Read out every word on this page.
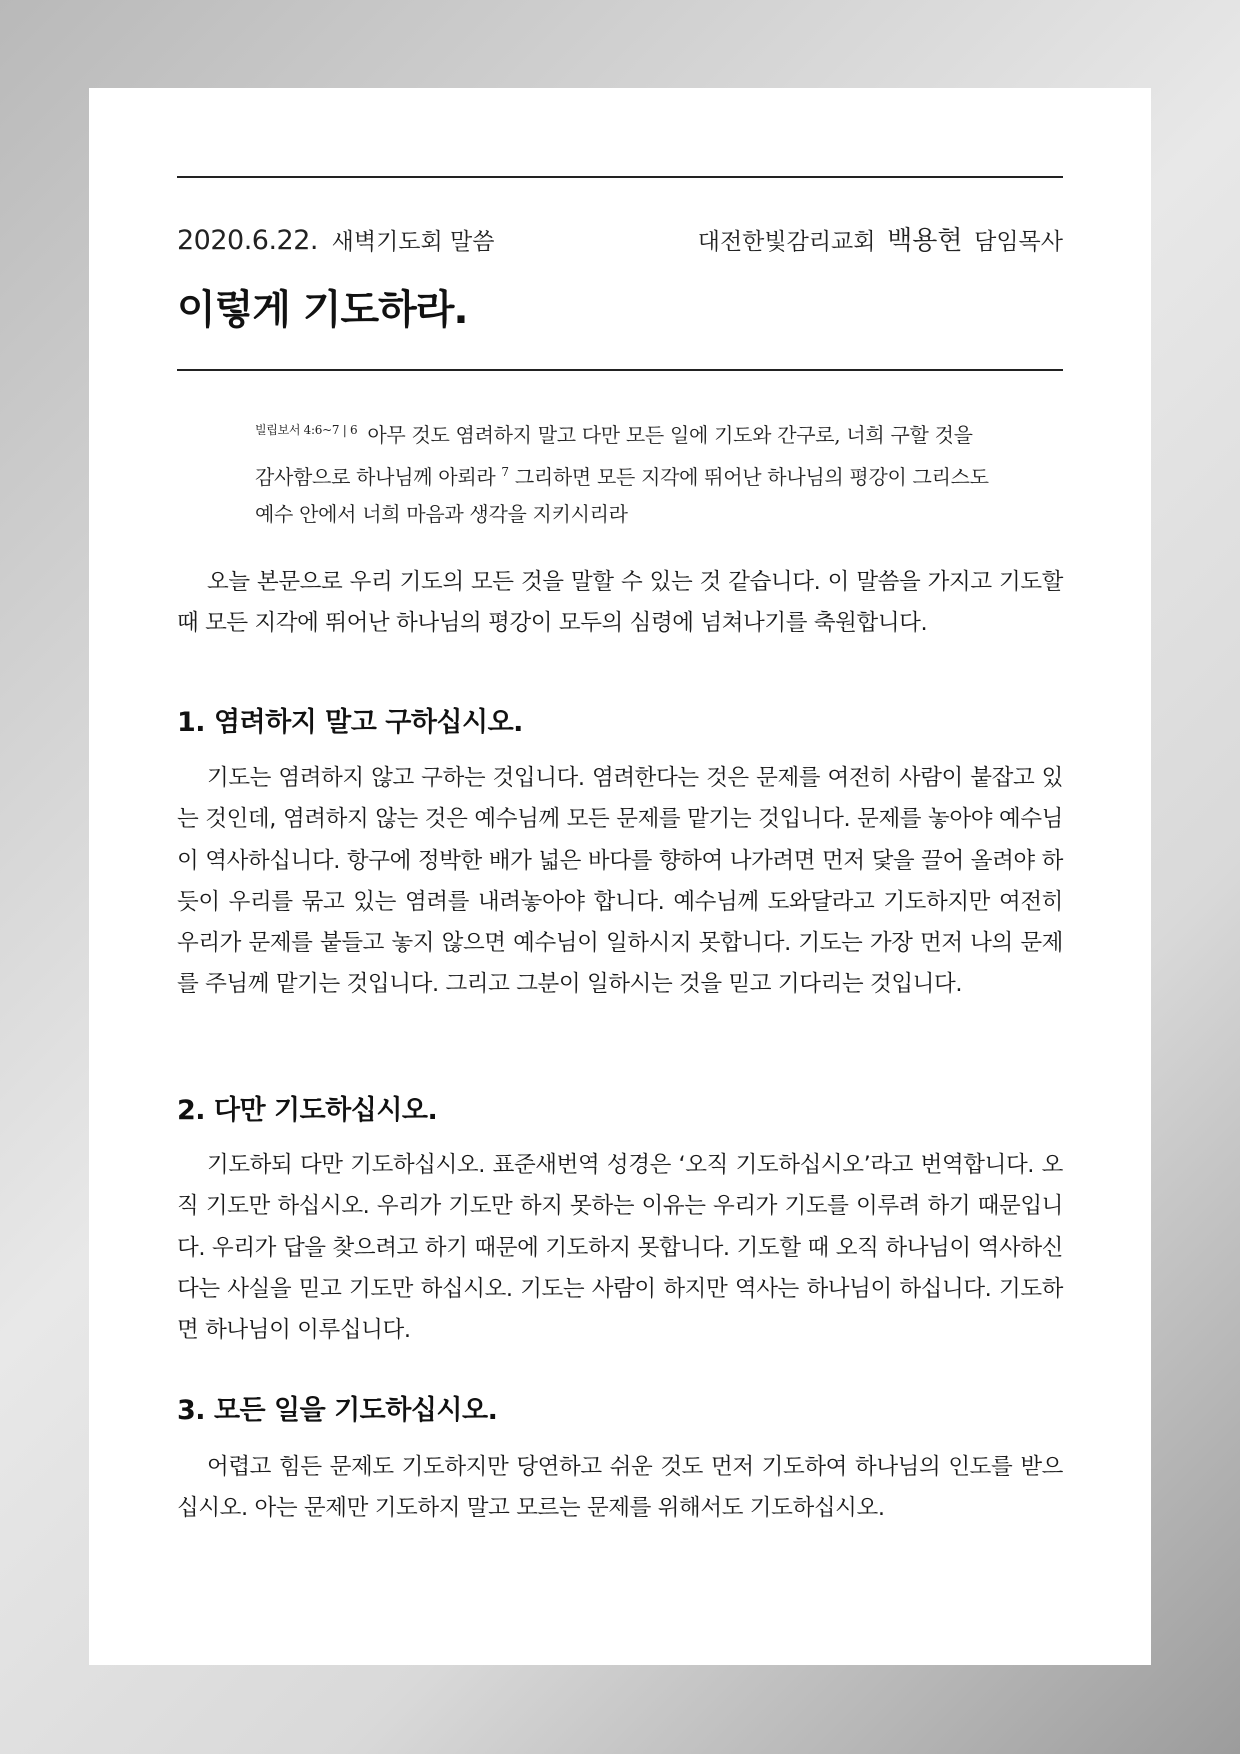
2020.6.22. 새벽기도회 말씀	대전한빛감리교회 백용현 담임목사
이렇게 기도하라.
$^{빌립보서 4:6\sim 7 | 6}$ 아무 것도 염려하지 말고 다만 모든 일에 기도와 간구로, 너희 구할 것을 감사함으로 하나님께 아뢰라 $^7$ 그리하면 모든 지각에 뛰어난 하나님의 평강이 그리스도 예수 안에서 너희 마음과 생각을 지키시리라

오늘 본문으로 우리 기도의 모든 것을 말할 수 있는 것 같습니다. 이 말씀을 가지고 기도할 때 모든 지각에 뛰어난 하나님의 평강이 모두의 심령에 넘쳐나기를 축원합니다.

1. 염려하지 말고 구하십시오.

기도는 염려하지 않고 구하는 것입니다. 염려한다는 것은 문제를 여전히 사람이 붙잡고 있는 것인데, 염려하지 않는 것은 예수님께 모든 문제를 맡기는 것입니다. 문제를 놓아야 예수님이 역사하십니다. 항구에 정박한 배가 넓은 바다를 향하여 나가려면 먼저 닻을 끌어 올려야 하듯이 우리를 묶고 있는 염려를 내려놓아야 합니다. 예수님께 도와달라고 기도하지만 여전히 우리가 문제를 붙들고 놓지 않으면 예수님이 일하시지 못합니다. 기도는 가장 먼저 나의 문제를 주님께 맡기는 것입니다. 그리고 그분이 일하시는 것을 믿고 기다리는 것입니다.

2. 다만 기도하십시오.

기도하되 다만 기도하십시오. 표준새번역 성경은 ‘오직 기도하십시오’라고 번역합니다. 오직 기도만 하십시오. 우리가 기도만 하지 못하는 이유는 우리가 기도를 이루려 하기 때문입니다. 우리가 답을 찾으려고 하기 때문에 기도하지 못합니다. 기도할 때 오직 하나님이 역사하신다는 사실을 믿고 기도만 하십시오. 기도는 사람이 하지만 역사는 하나님이 하십니다. 기도하면 하나님이 이루십니다.

3. 모든 일을 기도하십시오.

어렵고 힘든 문제도 기도하지만 당연하고 쉬운 것도 먼저 기도하여 하나님의 인도를 받으십시오. 아는 문제만 기도하지 말고 모르는 문제를 위해서도 기도하십시오.
